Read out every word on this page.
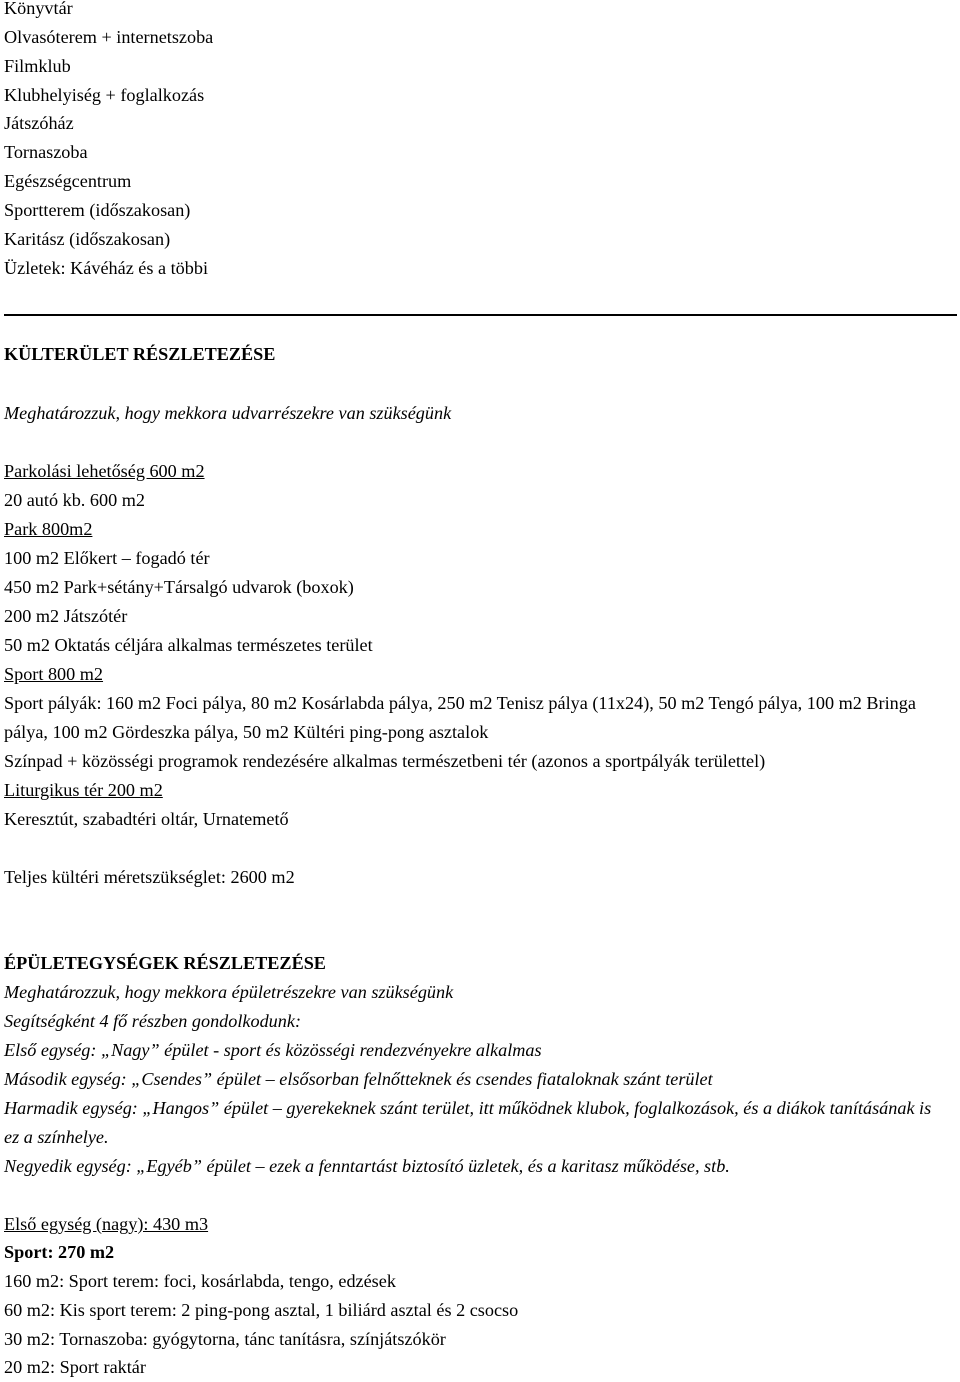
Könyvtár
Olvasóterem + internetszoba
Filmklub
Klubhelyiség + foglalkozás
Játszóház
Tornaszoba
Egészségcentrum
Sportterem (időszakosan)
Karitász (időszakosan)
Üzletek: Kávéház és a többi
KÜLTERÜLET RÉSZLETEZÉSE
Meghatározzuk, hogy mekkora udvarrészekre van szükségünk
Parkolási lehetőség 600 m2
20 autó kb. 600 m2
Park 800m2
100 m2 Előkert – fogadó tér
450 m2 Park+sétány+Társalgó udvarok (boxok)
200 m2 Játszótér
50 m2 Oktatás céljára alkalmas természetes terület
Sport 800 m2
Sport pályák: 160 m2 Foci pálya, 80 m2 Kosárlabda pálya, 250 m2 Tenisz pálya (11x24), 50 m2 Tengó pálya, 100 m2 Bringa pálya, 100 m2 Gördeszka pálya, 50 m2 Kültéri ping-pong asztalok
Színpad + közösségi programok rendezésére alkalmas természetbeni tér (azonos a sportpályák területtel)
Liturgikus tér 200 m2
Keresztút, szabadtéri oltár, Urnatemető
Teljes kültéri méretszükséglet: 2600 m2
ÉPÜLETEGYSÉGEK RÉSZLETEZÉSE
Meghatározzuk, hogy mekkora épületrészekre van szükségünk
Segítségként 4 fő részben gondolkodunk:
Első egység: „Nagy” épület - sport és közösségi rendezvényekre alkalmas
Második egység: „Csendes” épület – elsősorban felnőtteknek és csendes fiataloknak szánt terület
Harmadik egység: „Hangos” épület – gyerekeknek szánt terület, itt működnek klubok, foglalkozások, és a diákok tanításának is ez a színhelye.
Negyedik egység: „Egyéb” épület – ezek a fenntartást biztosító üzletek, és a karitasz működése, stb.
Első egység (nagy): 430 m3
Sport: 270 m2
160 m2: Sport terem: foci, kosárlabda, tengo, edzések
60 m2: Kis sport terem: 2 ping-pong asztal, 1 biliárd asztal és 2 csocso
30 m2: Tornaszoba: gyógytorna, tánc tanításra, színjátszókör
20 m2: Sport raktár
